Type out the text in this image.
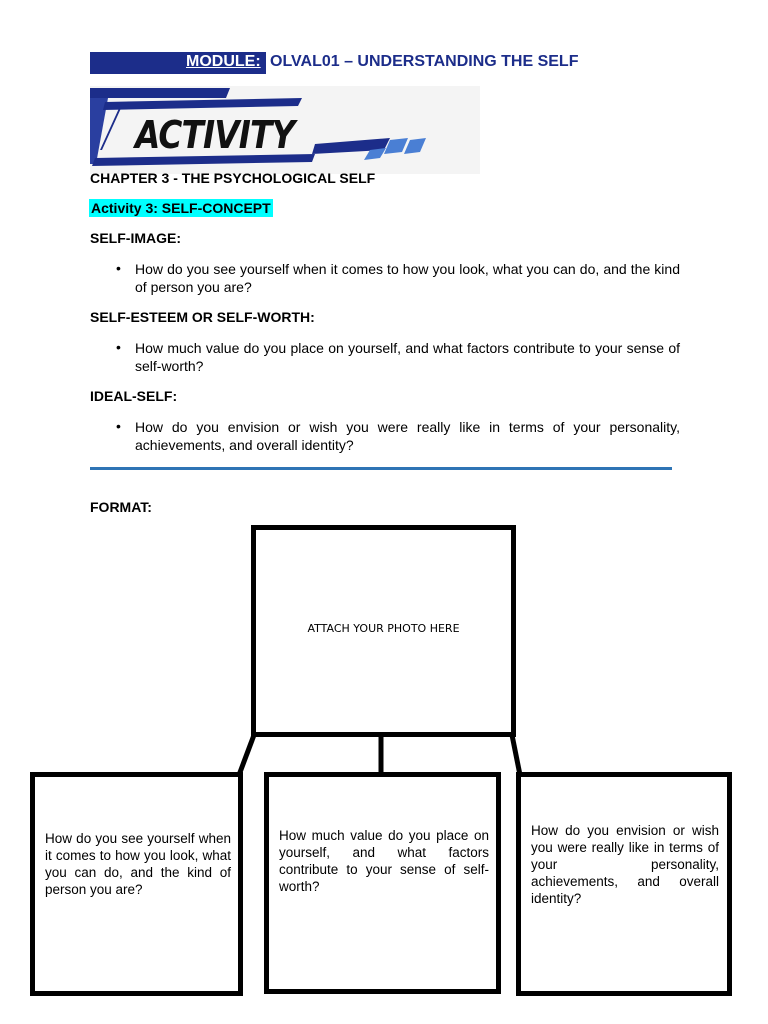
MODULE: OLVAL01 – UNDERSTANDING THE SELF
ACTIVITY
CHAPTER 3 - THE PSYCHOLOGICAL SELF
Activity 3: SELF-CONCEPT
SELF-IMAGE:
• How do you see yourself when it comes to how you look, what you can do, and the kind of person you are?
SELF-ESTEEM OR SELF-WORTH:
• How much value do you place on yourself, and what factors contribute to your sense of self-worth?
IDEAL-SELF:
• How do you envision or wish you were really like in terms of your personality, achievements, and overall identity?
FORMAT:
ATTACH YOUR PHOTO HERE
How do you see yourself when it comes to how you look, what you can do, and the kind of person you are?
How much value do you place on yourself, and what factors contribute to your sense of self-worth?
How do you envision or wish you were really like in terms of your personality, achievements, and overall identity?
